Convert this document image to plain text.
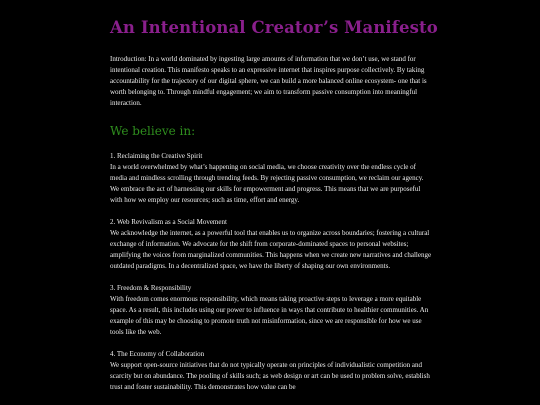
An Intentional Creator’s Manifesto

Introduction: In a world dominated by ingesting large amounts of information that we don’t use, we stand for intentional creation. This manifesto speaks to an expressive internet that inspires purpose collectively. By taking accountability for the trajectory of our digital sphere, we can build a more balanced online ecosystem- one that is worth belonging to. Through mindful engagement; we aim to transform passive consumption into meaningful interaction.

We believe in:
1. Reclaiming the Creative Spirit

In a world overwhelmed by what’s happening on social media, we choose creativity over the endless cycle of media and mindless scrolling through trending feeds. By rejecting passive consumption, we reclaim our agency. We embrace the act of harnessing our skills for empowerment and progress. This means that we are purposeful with how we employ our resources; such as time, effort and energy.

2. Web Revivalism as a Social Movement

We acknowledge the internet, as a powerful tool that enables us to organize across boundaries; fostering a cultural exchange of information. We advocate for the shift from corporate-dominated spaces to personal websites; amplifying the voices from marginalized communities. This happens when we create new narratives and challenge outdated paradigms. In a decentralized space, we have the liberty of shaping our own environments.

3. Freedom & Responsibility

With freedom comes enormous responsibility, which means taking proactive steps to leverage a more equitable space. As a result, this includes using our power to influence in ways that contribute to healthier communities. An example of this may be choosing to promote truth not misinformation, since we are responsible for how we use tools like the web.

4. The Economy of Collaboration

We support open-source initiatives that do not typically operate on principles of individualistic competition and scarcity but on abundance. The pooling of skills such; as web design or art can be used to problem solve, establish trust and foster sustainability. This demonstrates how value can be
